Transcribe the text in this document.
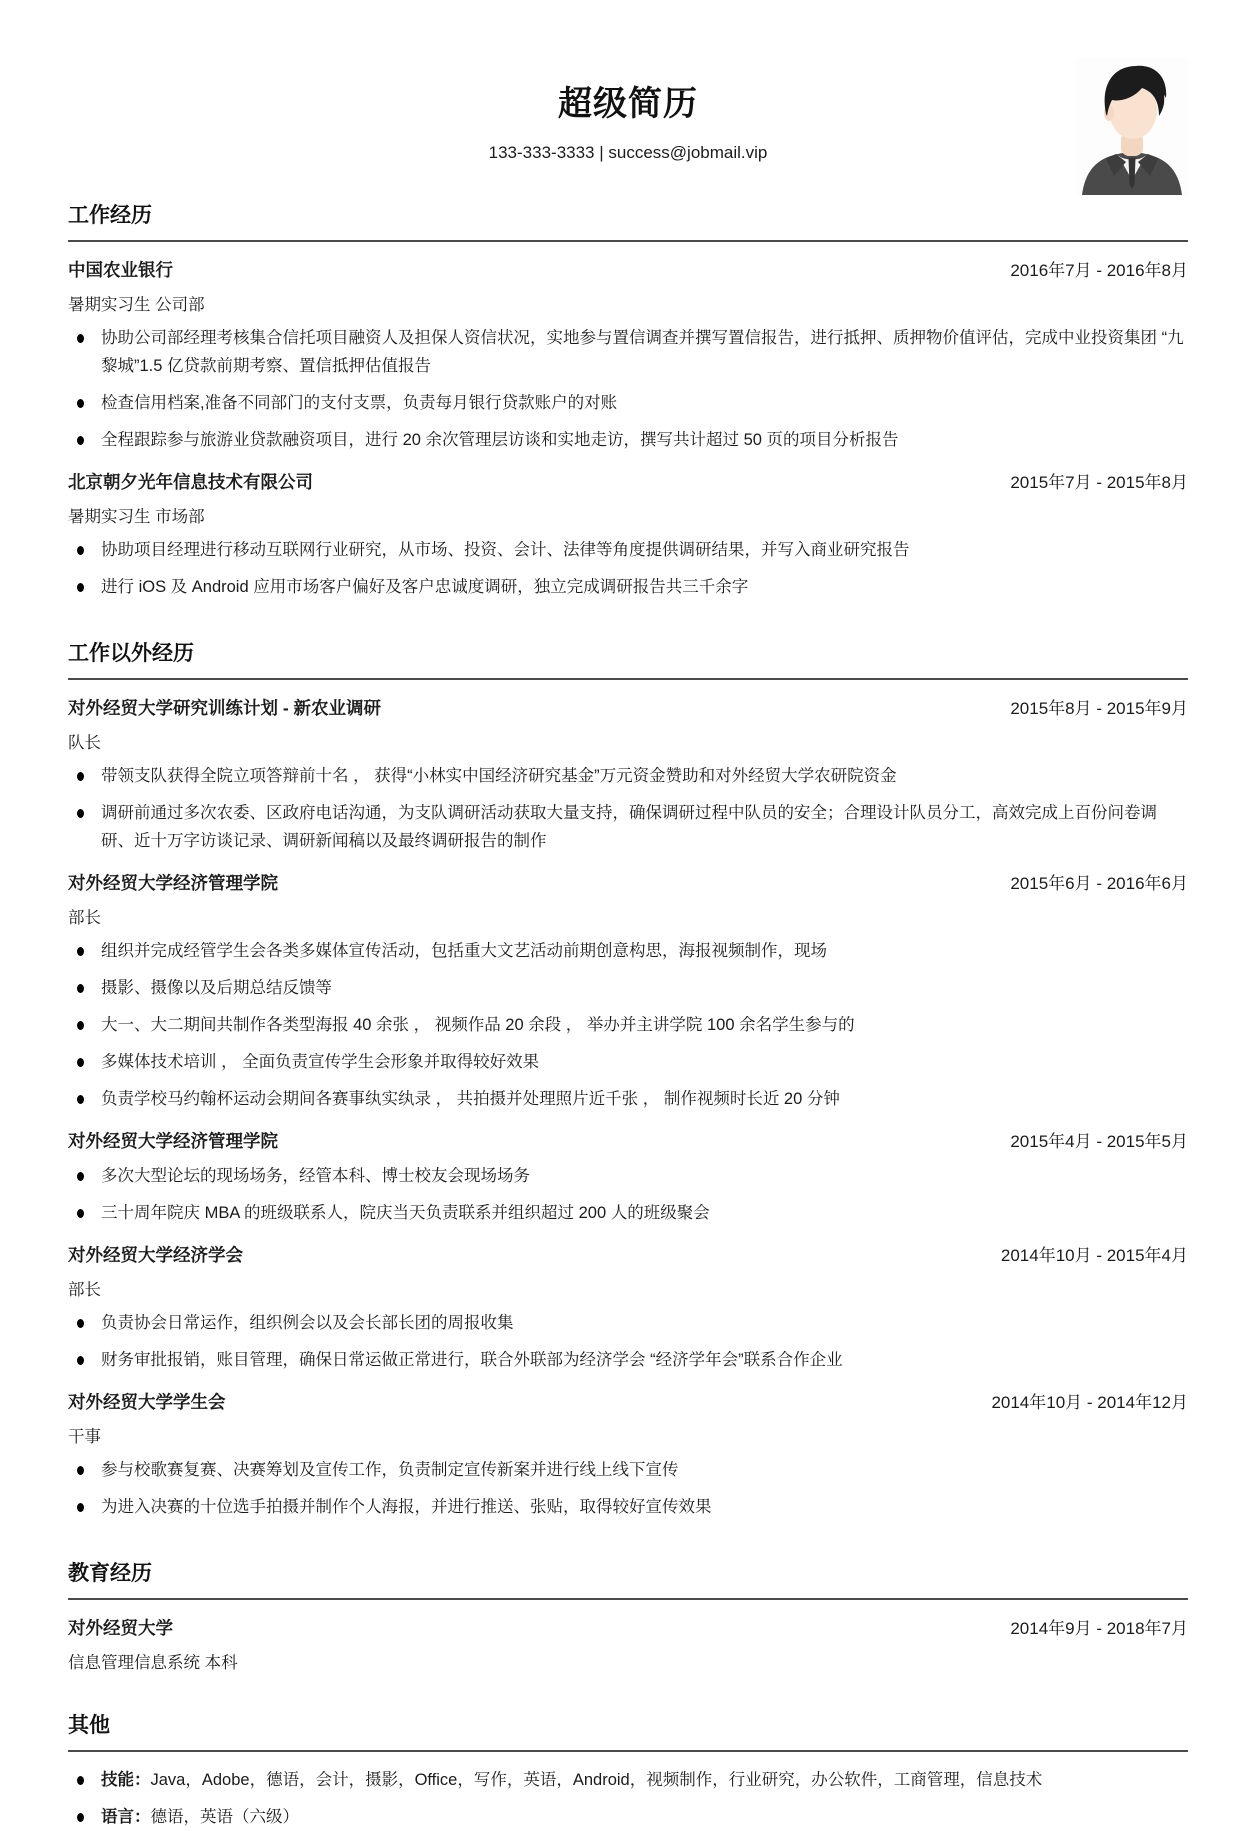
超级简历
133-333-3333 | success@jobmail.vip
工作经历
中国农业银行	2016年7月 - 2016年8月
暑期实习生 公司部
协助公司部经理考核集合信托项目融资人及担保人资信状况，实地参与置信调查并撰写置信报告，进行抵押、质押物价值评估，完成中业投资集团 “九黎城”1.5 亿贷款前期考察、置信抵押估值报告
检查信用档案,准备不同部门的支付支票，负责每月银行贷款账户的对账
全程跟踪参与旅游业贷款融资项目，进行 20 余次管理层访谈和实地走访，撰写共计超过 50 页的项目分析报告
北京朝夕光年信息技术有限公司	2015年7月 - 2015年8月
暑期实习生 市场部
协助项目经理进行移动互联网行业研究，从市场、投资、会计、法律等角度提供调研结果，并写入商业研究报告
进行 iOS 及 Android 应用市场客户偏好及客户忠诚度调研，独立完成调研报告共三千余字
工作以外经历
对外经贸大学研究训练计划 - 新农业调研	2015年8月 - 2015年9月
队长
带领支队获得全院立项答辩前十名 ， 获得“小林实中国经济研究基金”万元资金赞助和对外经贸大学农研院资金
调研前通过多次农委、区政府电话沟通，为支队调研活动获取大量支持，确保调研过程中队员的安全；合理设计队员分工，高效完成上百份问卷调研、近十万字访谈记录、调研新闻稿以及最终调研报告的制作
对外经贸大学经济管理学院	2015年6月 - 2016年6月
部长
组织并完成经管学生会各类多媒体宣传活动，包括重大文艺活动前期创意构思，海报视频制作，现场
摄影、摄像以及后期总结反馈等
大一、大二期间共制作各类型海报 40 余张 ， 视频作品 20 余段 ， 举办并主讲学院 100 余名学生参与的
多媒体技术培训 ， 全面负责宣传学生会形象并取得较好效果
负责学校马约翰杯运动会期间各赛事纨实纨录 ， 共拍摄并处理照片近千张 ， 制作视频时长近 20 分钟
对外经贸大学经济管理学院	2015年4月 - 2015年5月
多次大型论坛的现场场务，经管本科、博士校友会现场场务
三十周年院庆 MBA 的班级联系人，院庆当天负责联系并组织超过 200 人的班级聚会
对外经贸大学经济学会	2014年10月 - 2015年4月
部长
负责协会日常运作，组织例会以及会长部长团的周报收集
财务审批报销，账目管理，确保日常运做正常进行，联合外联部为经济学会 “经济学年会”联系合作企业
对外经贸大学学生会	2014年10月 - 2014年12月
干事
参与校歌赛复赛、决赛筹划及宣传工作，负责制定宣传新案并进行线上线下宣传
为进入决赛的十位选手拍摄并制作个人海报，并进行推送、张贴，取得较好宣传效果
教育经历
对外经贸大学	2014年9月 - 2018年7月
信息管理信息系统 本科
其他
技能：Java，Adobe，德语，会计，摄影，Office，写作，英语，Android，视频制作，行业研究，办公软件，工商管理，信息技术
语言：德语，英语（六级）
